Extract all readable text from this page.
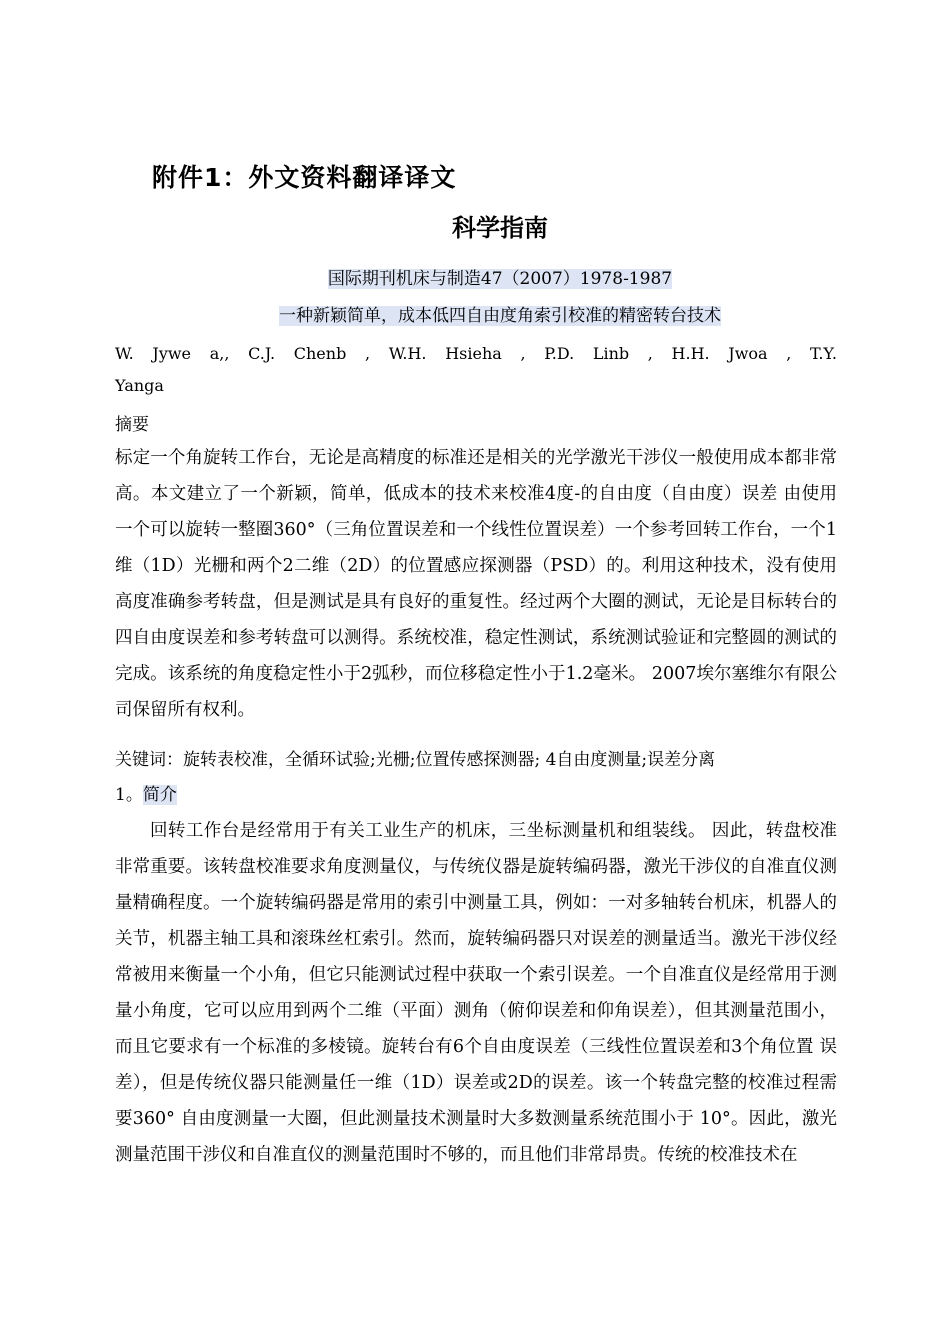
附件1：外文资料翻译译文
科学指南
国际期刊机床与制造47（2007）1978-1987
一种新颖简单，成本低四自由度角索引校准的精密转台技术
W. Jywe a,, C.J. Chenb , W.H. Hsieha , P.D. Linb , H.H. Jwoa , T.Y.
Yanga
摘要
标定一个角旋转工作台，无论是高精度的标准还是相关的光学激光干涉仪一般使用成本都非常高。本文建立了一个新颖，简单，低成本的技术来校准4度-的自由度（自由度）误差 由使用一个可以旋转一整圈360°（三角位置误差和一个线性位置误差）一个参考回转工作台，一个1维（1D）光栅和两个2二维（2D）的位置感应探测器（PSD）的。利用这种技术，没有使用高度准确参考转盘，但是测试是具有良好的重复性。经过两个大圈的测试，无论是目标转台的四自由度误差和参考转盘可以测得。系统校准，稳定性测试，系统测试验证和完整圆的测试的完成。该系统的角度稳定性小于2弧秒，而位移稳定性小于1.2毫米。 2007埃尔塞维尔有限公司保留所有权利。
关键词：旋转表校准，全循环试验;光栅;位置传感探测器; 4自由度测量;误差分离
1。简介
回转工作台是经常用于有关工业生产的机床，三坐标测量机和组装线。 因此，转盘校准非常重要。该转盘校准要求角度测量仪，与传统仪器是旋转编码器，激光干涉仪的自准直仪测量精确程度。一个旋转编码器是常用的索引中测量工具，例如：一对多轴转台机床，机器人的关节，机器主轴工具和滚珠丝杠索引。然而，旋转编码器只对误差的测量适当。激光干涉仪经常被用来衡量一个小角，但它只能测试过程中获取一个索引误差。一个自准直仪是经常用于测量小角度，它可以应用到两个二维（平面）测角（俯仰误差和仰角误差），但其测量范围小，而且它要求有一个标准的多棱镜。旋转台有6个自由度误差（三线性位置误差和3个角位置 误差），但是传统仪器只能测量任一维（1D）误差或2D的误差。该一个转盘完整的校准过程需要360° 自由度测量一大圈，但此测量技术测量时大多数测量系统范围小于 10°。因此，激光测量范围干涉仪和自准直仪的测量范围时不够的，而且他们非常昂贵。传统的校准技术在
